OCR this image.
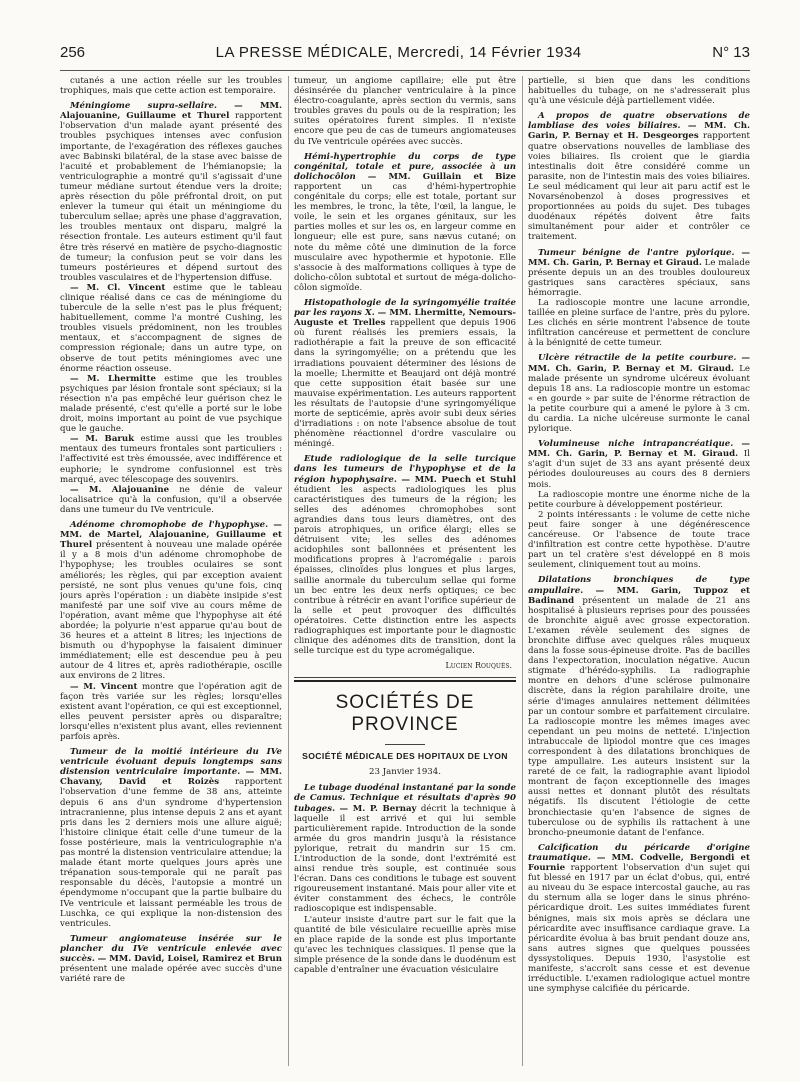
256	LA PRESSE MÉDICALE, Mercredi, 14 Février 1934	N° 13

cutanés a une action réelle sur les troubles trophiques, mais que cette action est temporaire.

Méningiome supra-sellaire. — MM. Alajouanine, Guillaume et Thurel rapportent l'observation d'un malade ayant présenté des troubles psychiques intenses avec confusion importante, de l'exagération des réflexes gauches avec Babinski bilatéral, de la stase avec baisse de l'acuité et probablement de l'hémianopsie; la ventriculographie a montré qu'il s'agissait d'une tumeur médiane surtout étendue vers la droite; après résection du pôle préfrontal droit, on put enlever la tumeur qui était un méningiome du tuberculum sellae; après une phase d'aggravation, les troubles mentaux ont disparu, malgré la résection frontale. Les auteurs estiment qu'il faut être très réservé en matière de psycho-diagnostic de tumeur; la confusion peut se voir dans les tumeurs postérieures et dépend surtout des troubles vasculaires et de l'hypertension diffuse.

— M. Cl. Vincent estime que le tableau clinique réalisé dans ce cas de méningiome du tubercule de la selle n'est pas le plus fréquent; habituellement, comme l'a montré Cushing, les troubles visuels prédominent, non les troubles mentaux, et s'accompagnent de signes de compression régionale; dans un autre type, on observe de tout petits méningiomes avec une énorme réaction osseuse.

— M. Lhermitte estime que les troubles psychiques par lésion frontale sont spéciaux; si la résection n'a pas empêché leur guérison chez le malade présenté, c'est qu'elle a porté sur le lobe droit, moins important au point de vue psychique que le gauche.

— M. Baruk estime aussi que les troubles mentaux des tumeurs frontales sont particuliers : l'affectivité est très émoussée, avec indifférence et euphorie; le syndrome confusionnel est très marqué, avec télescopage des souvenirs.

— M. Alajouanine ne dénie de valeur localisatrice qu'à la confusion, qu'il a observée dans une tumeur du IVe ventricule.

Adénome chromophobe de l'hypophyse. — MM. de Martel, Alajouanine, Guillaume et Thurel présentent à nouveau une malade opérée il y a 8 mois d'un adénome chromophobe de l'hypophyse; les troubles oculaires se sont améliorés; les règles, qui par exception avaient persisté, ne sont plus venues qu'une fois, cinq jours après l'opération : un diabète insipide s'est manifesté par une soif vive au cours même de l'opération, avant même que l'hypophyse ait été abordée; la polyurie n'est apparue qu'au bout de 36 heures et a atteint 8 litres; les injections de bismuth ou d'hypophyse la faisaient diminuer immédiatement; elle est descendue peu à peu autour de 4 litres et, après radiothérapie, oscille aux environs de 2 litres.

— M. Vincent montre que l'opération agit de façon très variée sur les règles; lorsqu'elles existent avant l'opération, ce qui est exceptionnel, elles peuvent persister après ou disparaître; lorsqu'elles n'existent plus avant, elles reviennent parfois après.

Tumeur de la moitié intérieure du IVe ventricule évoluant depuis longtemps sans distension ventriculaire importante. — MM. Chavany, David et Roizès rapportent l'observation d'une femme de 38 ans, atteinte depuis 6 ans d'un syndrome d'hypertension intracranienne, plus intense depuis 2 ans et ayant pris dans les 2 derniers mois une allure aiguë; l'histoire clinique était celle d'une tumeur de la fosse postérieure, mais la ventriculographie n'a pas montré la distension ventriculaire attendue; la malade étant morte quelques jours après une trépanation sous-temporale qui ne paraît pas responsable du décès, l'autopsie a montré un épendymome n'occupant que la partie bulbaire du IVe ventricule et laissant perméable les trous de Luschka, ce qui explique la non-distension des ventricules.

Tumeur angiomateuse insérée sur le plancher du IVe ventricule enlevée avec succès. — MM. David, Loisel, Ramirez et Brun présentent une malade opérée avec succès d'une variété rare de

tumeur, un angiome capillaire; elle put être désinsérée du plancher ventriculaire à la pince électro-coagulante, après section du vermis, sans troubles graves du pouls ou de la respiration; les suites opératoires furent simples. Il n'existe encore que peu de cas de tumeurs angiomateuses du IVe ventricule opérées avec succès.

Hémi-hypertrophie du corps de type congénital, totale et pure, associée à un dolichocôlon — MM. Guillain et Bize rapportent un cas d'hémi-hypertrophie congénitale du corps; elle est totale, portant sur les membres, le tronc, la tête, l'œil, la langue, le voile, le sein et les organes génitaux, sur les parties molles et sur les os, en largeur comme en longueur; elle est pure, sans nævus cutané; on note du même côté une diminution de la force musculaire avec hypothermie et hypotonie. Elle s'associe à des malformations colliques à type de dolicho-côlon subtotal et surtout de méga-dolicho-côlon sigmoïde.

Histopathologie de la syringomyélie traitée par les rayons X. — MM. Lhermitte, Nemours-Auguste et Trelles rappellent que depuis 1906 où furent réalisés les premiers essais, la radiothérapie a fait la preuve de son efficacité dans la syringomyélie; on a prétendu que les irradiations pouvaient déterminer des lésions de la moelle; Lhermitte et Beaujard ont déjà montré que cette supposition était basée sur une mauvaise expérimentation. Les auteurs rapportent les résultats de l'autopsie d'une syringomyélique morte de septicémie, après avoir subi deux séries d'irradiations : on note l'absence absolue de tout phénomène réactionnel d'ordre vasculaire ou méningé.

Etude radiologique de la selle turcique dans les tumeurs de l'hypophyse et de la région hypophysaire. — MM. Puech et Stuhl étudient les aspects radiologiques les plus caractéristiques des tumeurs de la région; les selles des adénomes chromophobes sont agrandies dans tous leurs diamètres, ont des parois atrophiques, un orifice élargi; elles se détruisent vite; les selles des adénomes acidophiles sont ballonnées et présentent les modifications propres à l'acromégalie : parois épaisses, clinoïdes plus longues et plus larges, saillie anormale du tuberculum sellae qui forme un bec entre les deux nerfs optiques; ce bec contribue à rétrécir en avant l'orifice supérieur de la selle et peut provoquer des difficultés opératoires. Cette distinction entre les aspects radiographiques est importante pour le diagnostic clinique des adénomes dits de transition, dont la selle turcique est du type acromégalique.

Lucien Rouquès.

SOCIÉTÉS DE PROVINCE
SOCIÉTÉ MÉDICALE DES HOPITAUX DE LYON
23 Janvier 1934.

Le tubage duodénal instantané par la sonde de Camus. Technique et résultats d'après 90 tubages. — M. P. Bernay décrit la technique à laquelle il est arrivé et qui lui semble particulièrement rapide. Introduction de la sonde armée du gros mandrin jusqu'à la résistance pylorique, retrait du mandrin sur 15 cm. L'introduction de la sonde, dont l'extrémité est ainsi rendue très souple, est continuée sous l'écran. Dans ces conditions le tubage est souvent rigoureusement instantané. Mais pour aller vite et éviter constamment des échecs, le contrôle radioscopique est indispensable.

L'auteur insiste d'autre part sur le fait que la quantité de bile vésiculaire recueillie après mise en place rapide de la sonde est plus importante qu'avec les techniques classiques. Il pense que la simple présence de la sonde dans le duodénum est capable d'entraîner une évacuation vésiculaire

partielle, si bien que dans les conditions habituelles du tubage, on ne s'adresserait plus qu'à une vésicule déjà partiellement vidée.

A propos de quatre observations de lambliase des voies biliaires. — MM. Ch. Garin, P. Bernay et H. Desgeorges rapportent quatre observations nouvelles de lambliase des voies biliaires. Ils croient que le giardia intestinalis doit être considéré comme un parasite, non de l'intestin mais des voies biliaires. Le seul médicament qui leur ait paru actif est le Novarsénobenzol à doses progressives et proportionnées au poids du sujet. Des tubages duodénaux répétés doivent être faits simultanément pour aider et contrôler ce traitement.

Tumeur bénigne de l'antre pylorique. — MM. Ch. Garin, P. Bernay et Giraud. Le malade présente depuis un an des troubles douloureux gastriques sans caractères spéciaux, sans hémorragie.

La radioscopie montre une lacune arrondie, taillée en pleine surface de l'antre, près du pylore. Les clichés en série montrent l'absence de toute infiltration cancéreuse et permettent de conclure à la bénignité de cette tumeur.

Ulcère rétractile de la petite courbure. — MM. Ch. Garin, P. Bernay et M. Giraud. Le malade présente un syndrome ulcéreux évoluant depuis 18 ans. La radioscopie montre un estomac « en gourde » par suite de l'énorme rétraction de la petite courbure qui a amené le pylore à 3 cm. du cardia. La niche ulcéreuse surmonte le canal pylorique.

Volumineuse niche intrapancréatique. — MM. Ch. Garin, P. Bernay et M. Giraud. Il s'agit d'un sujet de 33 ans ayant présenté deux périodes douloureuses au cours des 8 derniers mois.

La radioscopie montre une énorme niche de la petite courbure à développement postérieur.

2 points intéressants : le volume de cette niche peut faire songer à une dégénérescence cancéreuse. Or l'absence de toute trace d'infiltration est contre cette hypothèse. D'autre part un tel cratère s'est développé en 8 mois seulement, cliniquement tout au moins.

Dilatations bronchiques de type ampullaire. — MM. Garin, Tuppoz et Badinand présentent un malade de 21 ans hospitalisé à plusieurs reprises pour des poussées de bronchite aiguë avec grosse expectoration. L'examen révèle seulement des signes de bronchite diffuse avec quelques râles muqueux dans la fosse sous-épineuse droite. Pas de bacilles dans l'expectoration, inoculation négative. Aucun stigmate d'hérédo-syphilis. La radiographie montre en dehors d'une sclérose pulmonaire discrète, dans la région parahilaire droite, une série d'images annulaires nettement délimitées par un contour sombre et parfaitement circulaire. La radioscopie montre les mêmes images avec cependant un peu moins de netteté. L'injection intrabuccale de lipiodol montre que ces images correspondent à des dilatations bronchiques de type ampullaire. Les auteurs insistent sur la rareté de ce fait, la radiographie avant lipiodol montrant de façon exceptionnelle des images aussi nettes et donnant plutôt des résultats négatifs. Ils discutent l'étiologie de cette bronchiectasie qu'en l'absence de signes de tuberculose ou de syphilis ils rattachent à une broncho-pneumonie datant de l'enfance.

Calcification du péricarde d'origine traumatique. — MM. Codvelle, Bergondi et Fournie rapportent l'observation d'un sujet qui fut blessé en 1917 par un éclat d'obus, qui, entré au niveau du 3e espace intercostal gauche, au ras du sternum alla se loger dans le sinus phréno-péricardique droit. Les suites immédiates furent bénignes, mais six mois après se déclara une péricardite avec insuffisance cardiaque grave. La péricardite évolua à bas bruit pendant douze ans, sans autres signes que quelques poussées dyssystoliques. Depuis 1930, l'asystolie est manifeste, s'accroît sans cesse et est devenue irréductible. L'examen radiologique actuel montre une symphyse calcifiée du péricarde.
